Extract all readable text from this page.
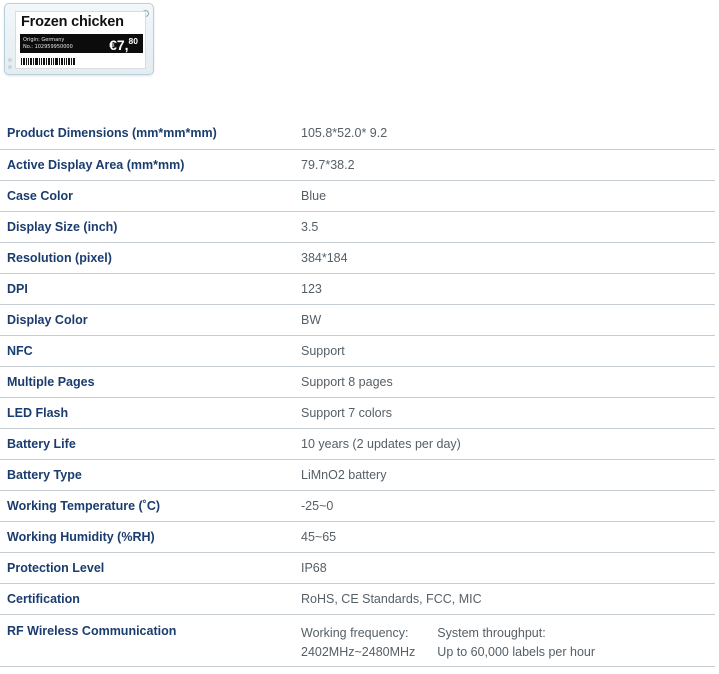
Frozen chicken
Origin: Germany
No.: 102959950000	€7,80
Product Dimensions (mm*mm*mm)	105.8*52.0* 9.2
Active Display Area (mm*mm)	79.7*38.2
Case Color	Blue
Display Size (inch)	3.5
Resolution (pixel)	384*184
DPI	123
Display Color	BW
NFC	Support
Multiple Pages	Support 8 pages
LED Flash	Support 7 colors
Battery Life	10 years (2 updates per day)
Battery Type	LiMnO2 battery
Working Temperature (˚C)	-25~0
Working Humidity (%RH)	45~65
Protection Level	IP68
Certification	RoHS, CE Standards, FCC, MIC
RF Wireless Communication	Working frequency:
2402MHz~2480MHz
System throughput:
Up to 60,000 labels per hour
